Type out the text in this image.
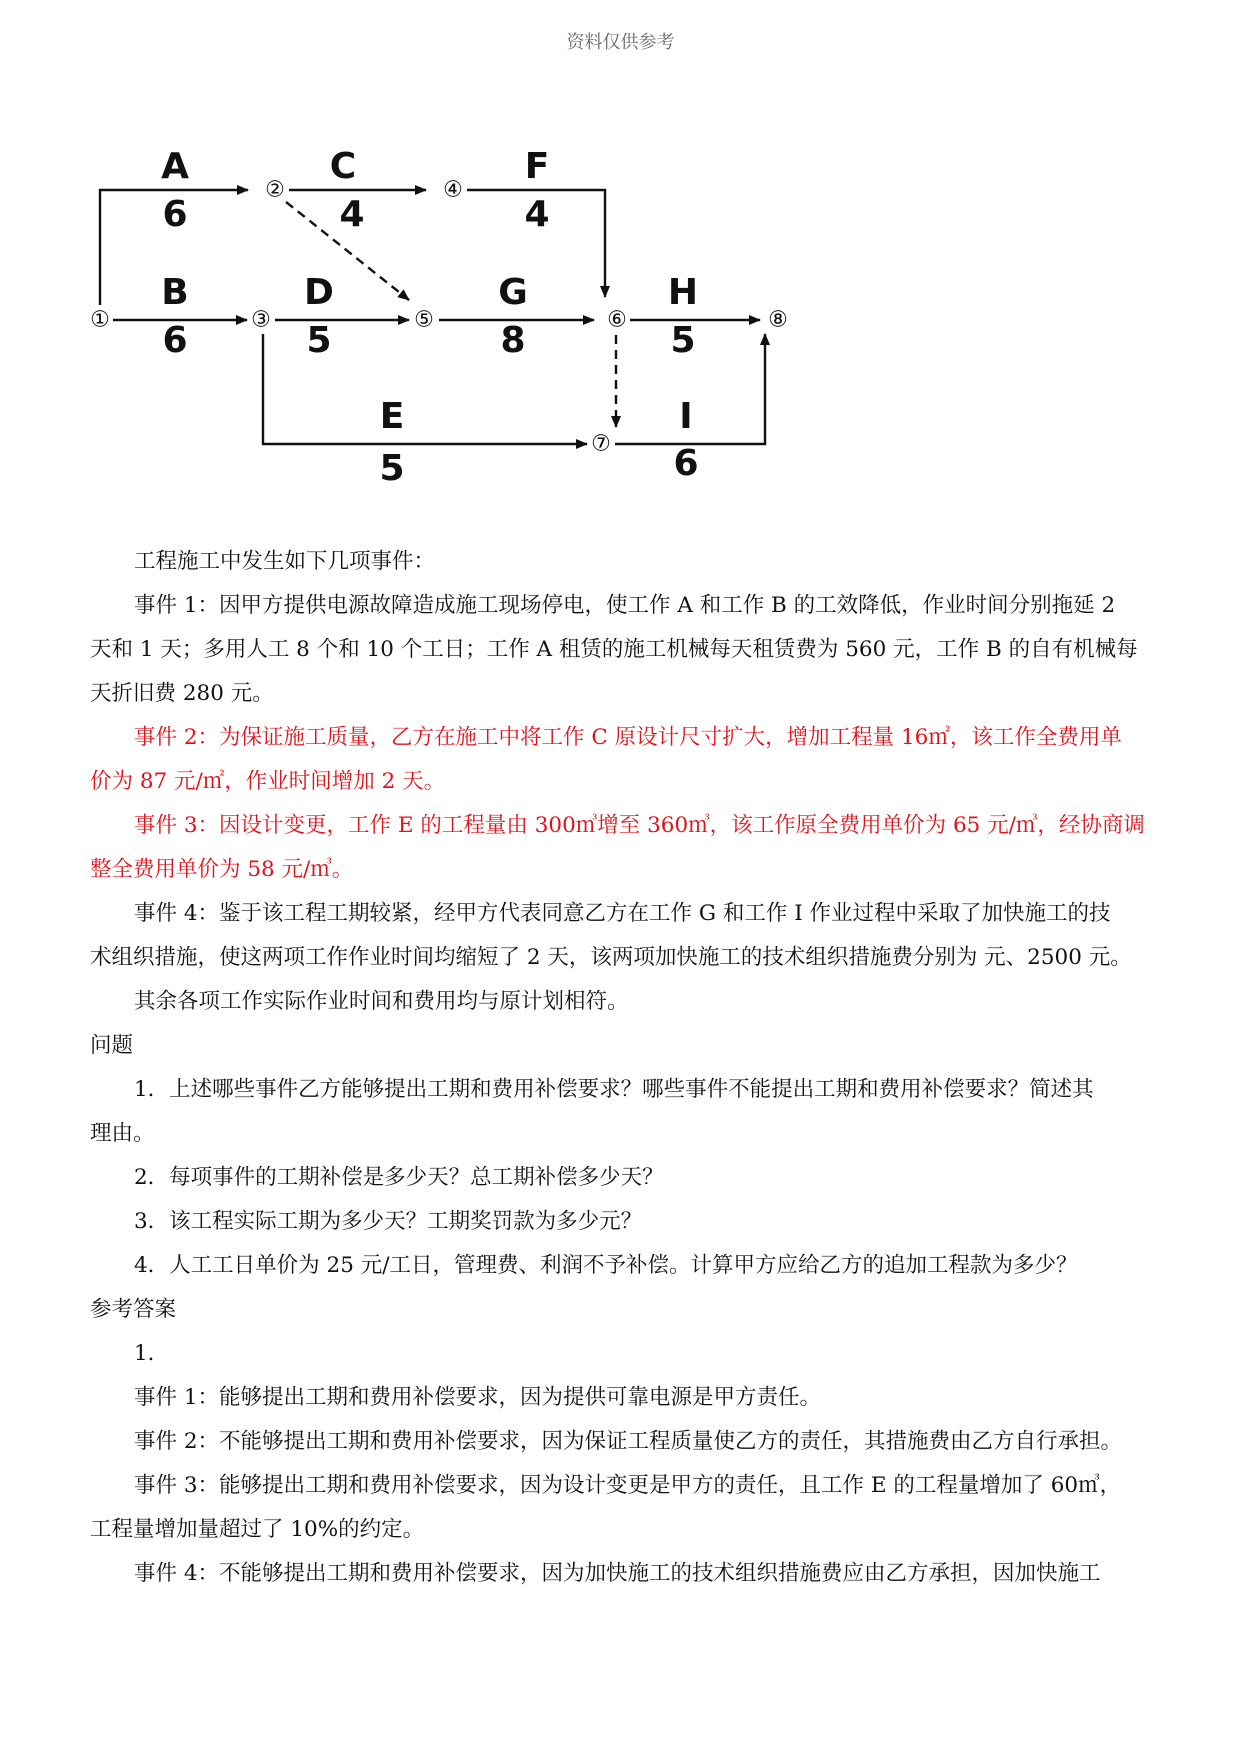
资料仅供参考
①
②
③
④
⑤	⑥
⑦
⑧
A
6
B
6
C
4
D
5
E
5
F
4
G
8
H
5
I
6

工程施工中发生如下几项事件：

事件 1：因甲方提供电源故障造成施工现场停电，使工作 A 和工作 B 的工效降低，作业时间分别拖延 2

天和 1 天；多用人工 8 个和 10 个工日；工作 A 租赁的施工机械每天租赁费为 560 元，工作 B 的自有机械每

天折旧费 280 元。

事件 2：为保证施工质量，乙方在施工中将工作 C 原设计尺寸扩大，增加工程量 16㎡，该工作全费用单

价为 87 元/㎡，作业时间增加 2 天。

事件 3：因设计变更，工作 E 的工程量由 300㎥增至 360㎥，该工作原全费用单价为 65 元/㎥，经协商调

整全费用单价为 58 元/㎥。

事件 4：鉴于该工程工期较紧，经甲方代表同意乙方在工作 G 和工作 I 作业过程中采取了加快施工的技

术组织措施，使这两项工作作业时间均缩短了 2 天，该两项加快施工的技术组织措施费分别为 元、2500 元。

其余各项工作实际作业时间和费用均与原计划相符。

问题

1．上述哪些事件乙方能够提出工期和费用补偿要求？哪些事件不能提出工期和费用补偿要求？简述其

理由。

2．每项事件的工期补偿是多少天？总工期补偿多少天？

3．该工程实际工期为多少天？工期奖罚款为多少元？

4．人工工日单价为 25 元/工日，管理费、利润不予补偿。计算甲方应给乙方的追加工程款为多少？

参考答案

1．

事件 1：能够提出工期和费用补偿要求，因为提供可靠电源是甲方责任。

事件 2：不能够提出工期和费用补偿要求，因为保证工程质量使乙方的责任，其措施费由乙方自行承担。

事件 3：能够提出工期和费用补偿要求，因为设计变更是甲方的责任，且工作 E 的工程量增加了 60㎥，

工程量增加量超过了 10%的约定。

事件 4：不能够提出工期和费用补偿要求，因为加快施工的技术组织措施费应由乙方承担，因加快施工
